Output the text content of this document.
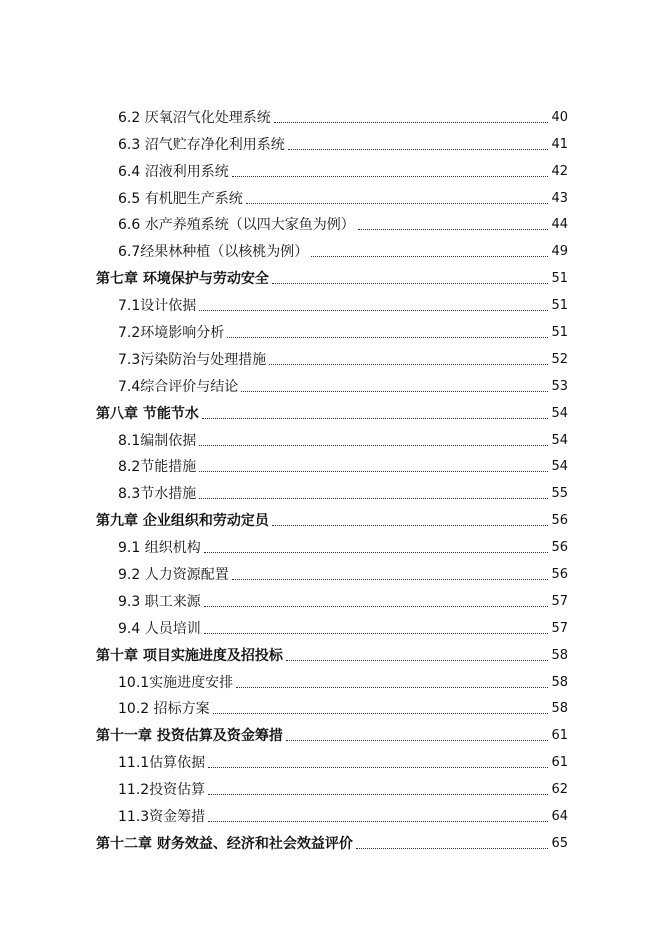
6.2 厌氧沼气化处理系统	40
6.3 沼气贮存净化利用系统	41
6.4 沼液利用系统	42
6.5 有机肥生产系统	43
6.6 水产养殖系统（以四大家鱼为例）	44
6.7经果林种植（以核桃为例）	49
第七章 环境保护与劳动安全	51
7.1设计依据	51
7.2环境影响分析	51
7.3污染防治与处理措施	52
7.4综合评价与结论	53
第八章 节能节水	54
8.1编制依据	54
8.2节能措施	54
8.3节水措施	55
第九章 企业组织和劳动定员	56
9.1 组织机构	56
9.2 人力资源配置	56
9.3 职工来源	57
9.4 人员培训	57
第十章 项目实施进度及招投标	58
10.1实施进度安排	58
10.2 招标方案	58
第十一章 投资估算及资金筹措	61
11.1估算依据	61
11.2投资估算	62
11.3资金筹措	64
第十二章 财务效益、经济和社会效益评价	65
